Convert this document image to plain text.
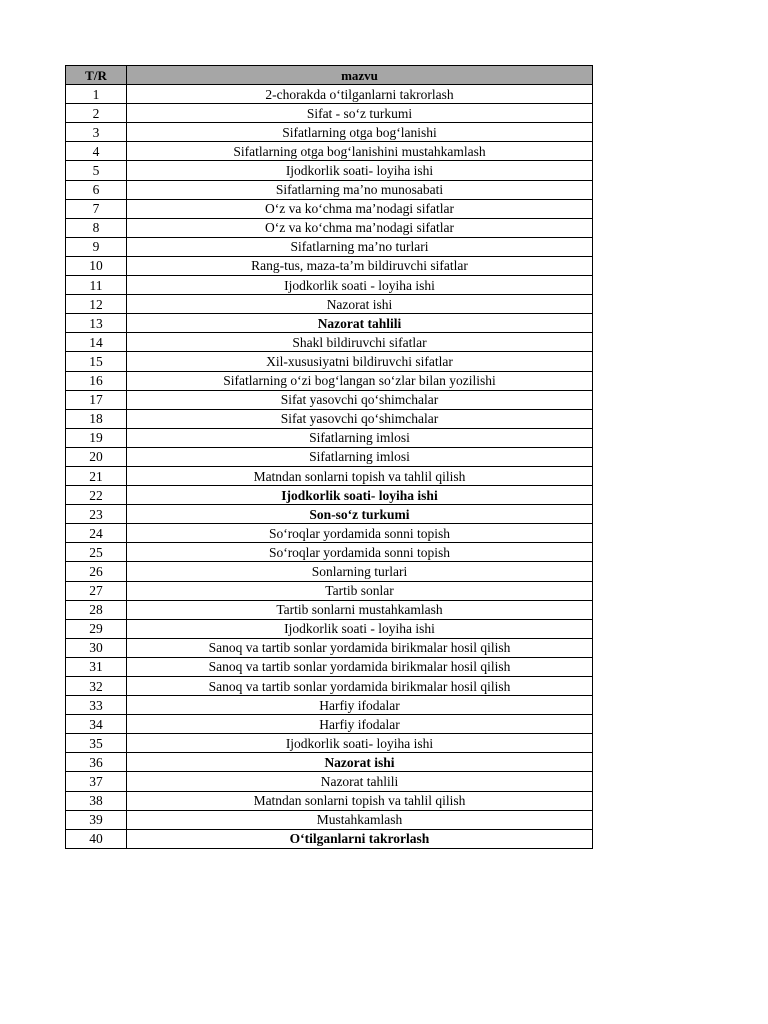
T/R	mazvu
1	2-chorakda o‘tilganlarni takrorlash
2	Sifat - so‘z turkumi
3	Sifatlarning otga bog‘lanishi
4	Sifatlarning otga bog‘lanishini mustahkamlash
5	Ijodkorlik soati- loyiha ishi
6	Sifatlarning ma’no munosabati
7	O‘z va ko‘chma ma’nodagi sifatlar
8	O‘z va ko‘chma ma’nodagi sifatlar
9	Sifatlarning ma’no turlari
10	Rang-tus, maza-ta’m bildiruvchi sifatlar
11	Ijodkorlik soati - loyiha ishi
12	Nazorat ishi
13	Nazorat tahlili
14	Shakl bildiruvchi sifatlar
15	Xil-xususiyatni bildiruvchi sifatlar
16	Sifatlarning o‘zi bog‘langan so‘zlar bilan yozilishi
17	Sifat yasovchi qo‘shimchalar
18	Sifat yasovchi qo‘shimchalar
19	Sifatlarning imlosi
20	Sifatlarning imlosi
21	Matndan sonlarni topish va tahlil qilish
22	Ijodkorlik soati- loyiha ishi
23	Son-so‘z turkumi
24	So‘roqlar yordamida sonni topish
25	So‘roqlar yordamida sonni topish
26	Sonlarning turlari
27	Tartib sonlar
28	Tartib sonlarni mustahkamlash
29	Ijodkorlik soati - loyiha ishi
30	Sanoq va tartib sonlar yordamida birikmalar hosil qilish
31	Sanoq va tartib sonlar yordamida birikmalar hosil qilish
32	Sanoq va tartib sonlar yordamida birikmalar hosil qilish
33	Harfiy ifodalar
34	Harfiy ifodalar
35	Ijodkorlik soati- loyiha ishi
36	Nazorat ishi
37	Nazorat tahlili
38	Matndan sonlarni topish va tahlil qilish
39	Mustahkamlash
40	O‘tilganlarni takrorlash
